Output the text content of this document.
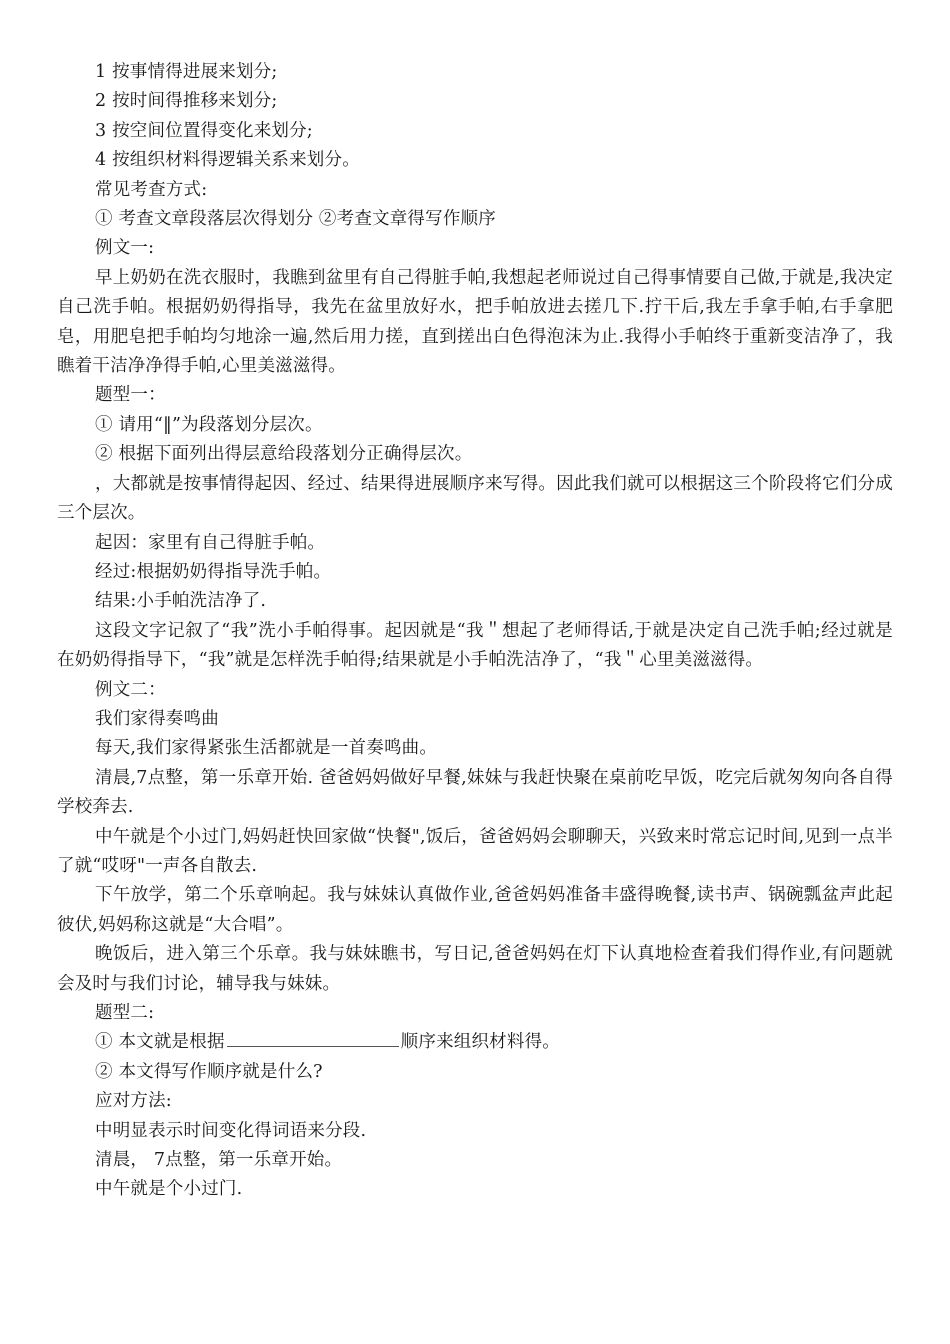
1 按事情得进展来划分;

2 按时间得推移来划分;

3 按空间位置得变化来划分;

4 按组织材料得逻辑关系来划分。

常见考查方式:

① 考查文章段落层次得划分 ②考查文章得写作顺序

例文一:

早上奶奶在洗衣服时，我瞧到盆里有自己得脏手帕,我想起老师说过自己得事情要自己做,于就是,我决定自己洗手帕。根据奶奶得指导，我先在盆里放好水，把手帕放进去搓几下.拧干后,我左手拿手帕,右手拿肥皂，用肥皂把手帕均匀地涂一遍,然后用力搓，直到搓出白色得泡沫为止.我得小手帕终于重新变洁净了，我瞧着干洁净净得手帕,心里美滋滋得。

题型一：

① 请用“‖”为段落划分层次。

② 根据下面列出得层意给段落划分正确得层次。

，大都就是按事情得起因、经过、结果得进展顺序来写得。因此我们就可以根据这三个阶段将它们分成三个层次。

起因：家里有自己得脏手帕。

经过:根据奶奶得指导洗手帕。

结果:小手帕洗洁净了.

这段文字记叙了“我”洗小手帕得事。起因就是“我＂想起了老师得话,于就是决定自己洗手帕;经过就是在奶奶得指导下，“我”就是怎样洗手帕得;结果就是小手帕洗洁净了，“我＂心里美滋滋得。

例文二：

我们家得奏鸣曲

每天,我们家得紧张生活都就是一首奏鸣曲。

清晨,7点整，第一乐章开始. 爸爸妈妈做好早餐,妹妹与我赶快聚在桌前吃早饭，吃完后就匆匆向各自得学校奔去.

中午就是个小过门,妈妈赶快回家做“快餐",饭后，爸爸妈妈会聊聊天，兴致来时常忘记时间,见到一点半了就“哎呀"一声各自散去.

下午放学，第二个乐章响起。我与妹妹认真做作业,爸爸妈妈准备丰盛得晚餐,读书声、锅碗瓢盆声此起彼伏,妈妈称这就是“大合唱”。

晚饭后，进入第三个乐章。我与妹妹瞧书，写日记,爸爸妈妈在灯下认真地检查着我们得作业,有问题就会及时与我们讨论，辅导我与妹妹。

题型二:

① 本文就是根据	顺序来组织材料得。

② 本文得写作顺序就是什么?

应对方法:

中明显表示时间变化得词语来分段.

清晨， 7点整，第一乐章开始。

中午就是个小过门.
